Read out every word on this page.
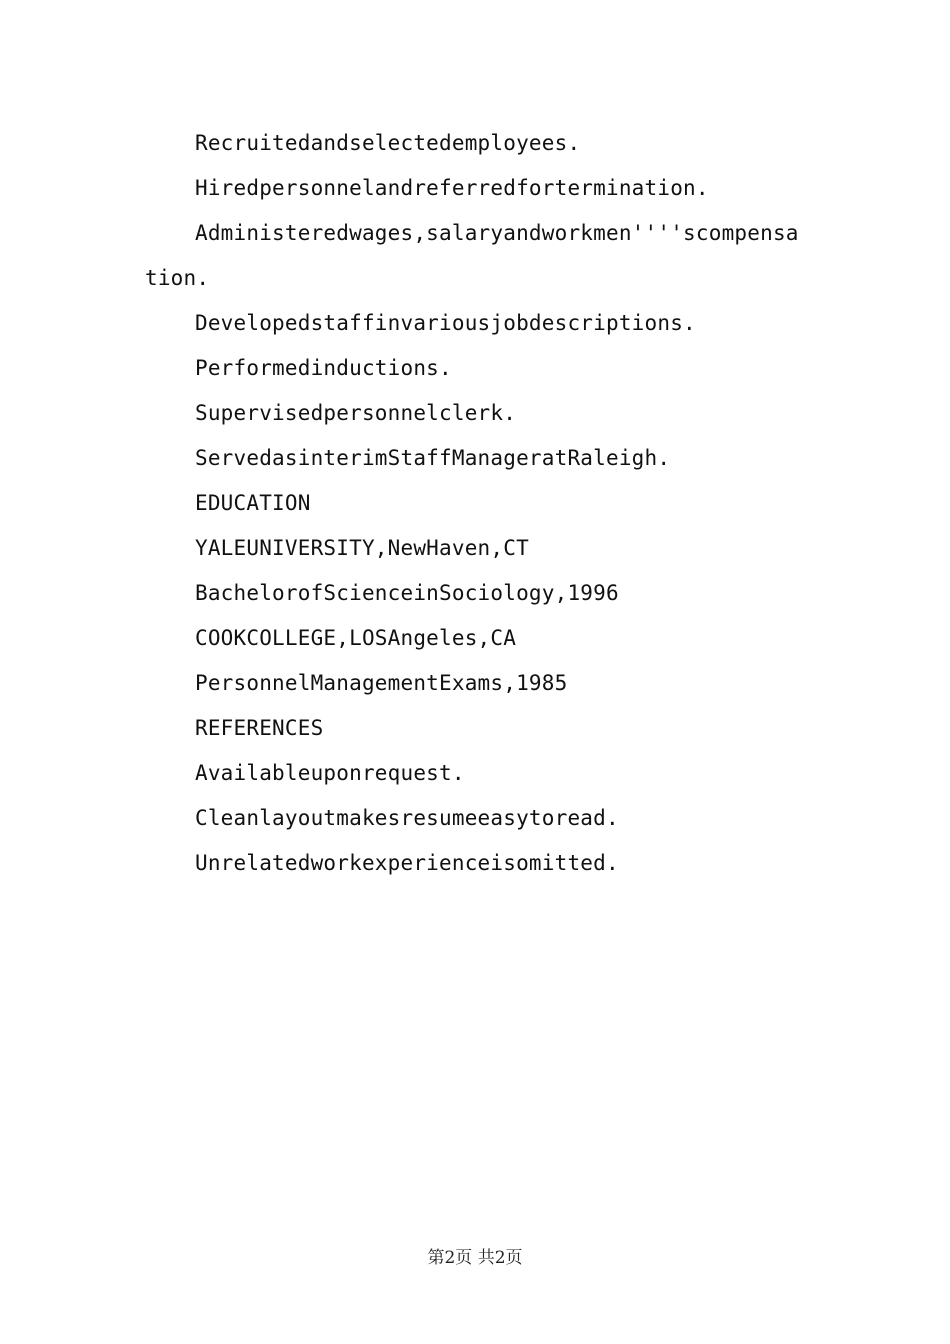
Recruitedandselectedemployees.
Hiredpersonnelandreferredfortermination.
Administeredwages,salaryandworkmen''''scompensa
tion.
Developedstaffinvariousjobdescriptions.
Performedinductions.
Supervisedpersonnelclerk.
ServedasinterimStaffManageratRaleigh.
EDUCATION
YALEUNIVERSITY,NewHaven,CT
BachelorofScienceinSociology,1996
COOKCOLLEGE,LOSAngeles,CA
PersonnelManagementExams,1985
REFERENCES
Availableuponrequest.
Cleanlayoutmakesresumeeasytoread.
Unrelatedworkexperienceisomitted.
第2页 共2页
